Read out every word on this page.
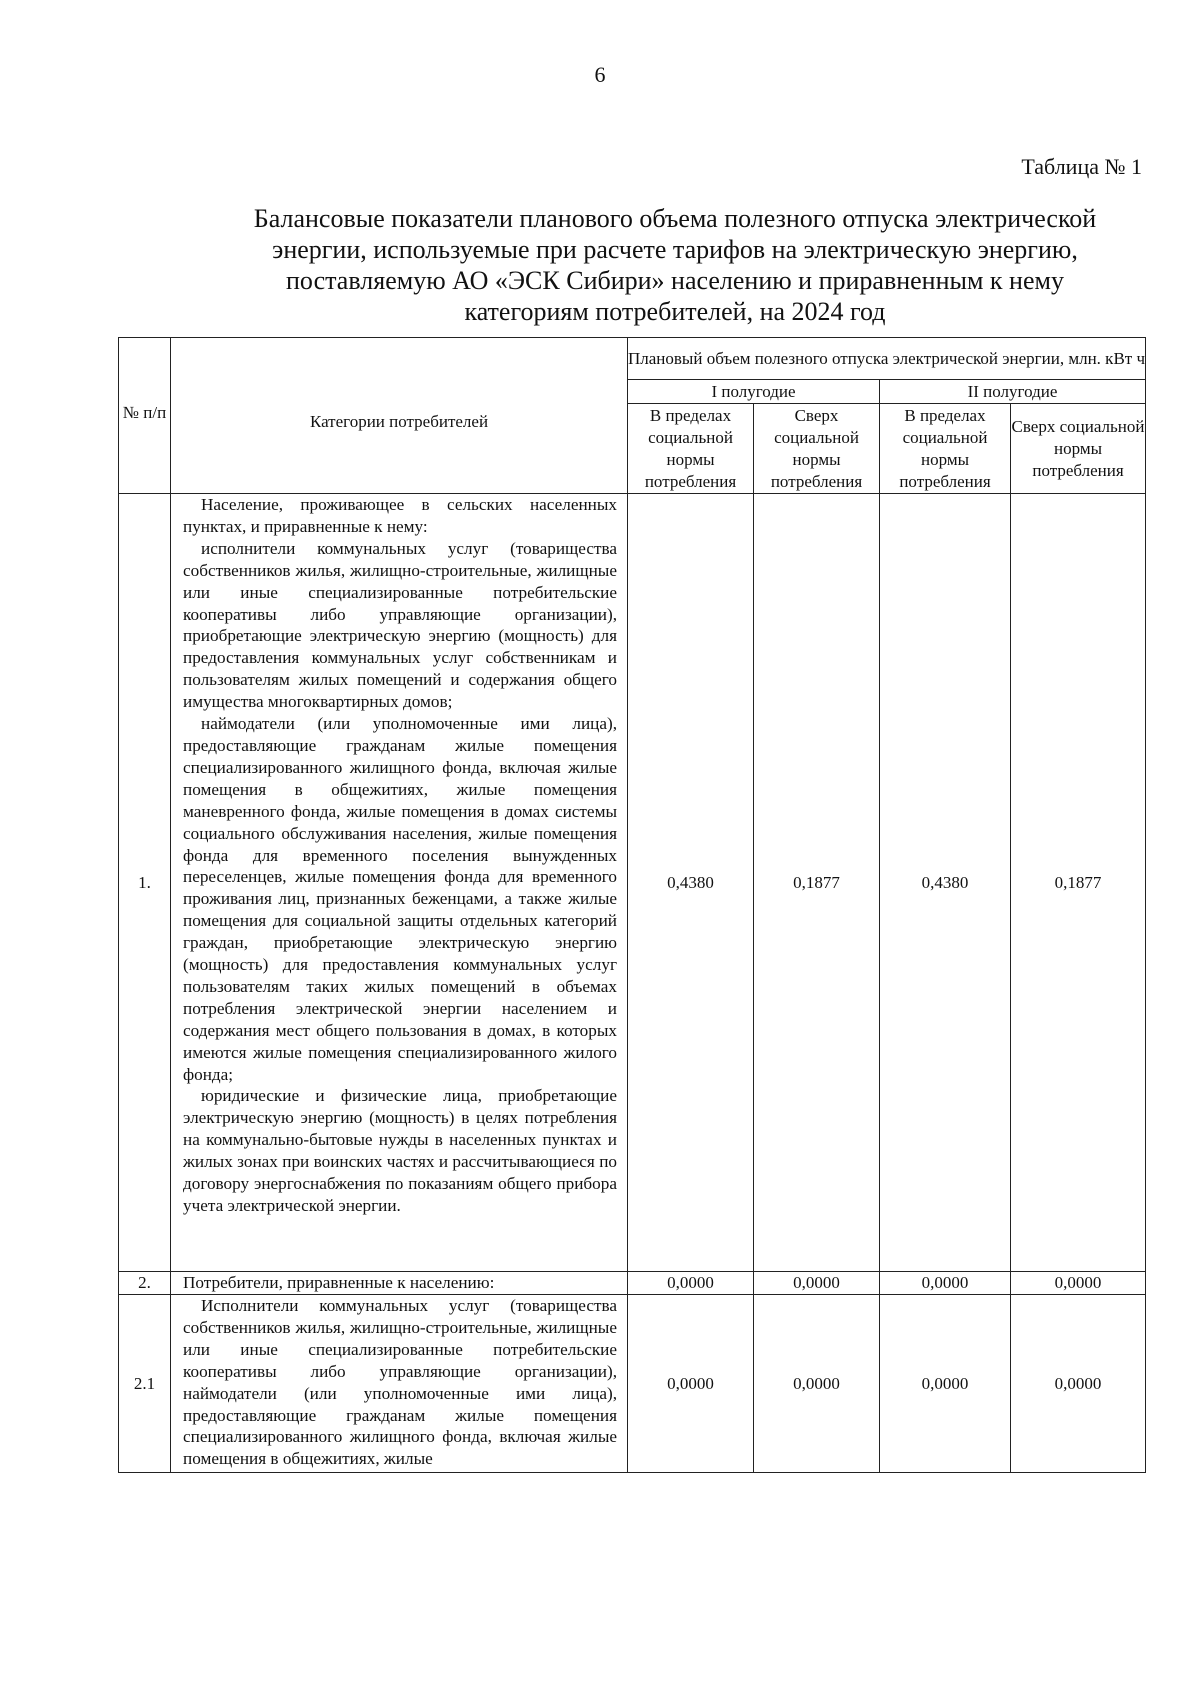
6
Таблица № 1
Балансовые показатели планового объема полезного отпуска электрической
энергии, используемые при расчете тарифов на электрическую энергию,
поставляемую АО «ЭСК Сибири» населению и приравненным к нему
категориям потребителей, на 2024 год
№ п/п	Категории потребителей	Плановый объем полезного отпуска электрической энергии, млн. кВт ч			
		I полугодие		II полугодие	
		В пределах социальной нормы потребления	Сверх социальной нормы потребления	В пределах социальной нормы потребления	Сверх социальной нормы потребления
1.	Население, проживающее в сельских населенных пунктах, и приравненные к нему:

исполнители коммунальных услуг (товарищества собственников жилья, жилищно-строительные, жилищные или иные специализированные потребительские кооперативы либо управляющие организации), приобретающие электрическую энергию (мощность) для предоставления коммунальных услуг собственникам и пользователям жилых помещений и содержания общего имущества многоквартирных домов;

наймодатели (или уполномоченные ими лица), предоставляющие гражданам жилые помещения специализированного жилищного фонда, включая жилые помещения в общежитиях, жилые помещения маневренного фонда, жилые помещения в домах системы социального обслуживания населения, жилые помещения фонда для временного поселения вынужденных переселенцев, жилые помещения фонда для временного проживания лиц, признанных беженцами, а также жилые помещения для социальной защиты отдельных категорий граждан, приобретающие электрическую энергию (мощность) для предоставления коммунальных услуг пользователям таких жилых помещений в объемах потребления электрической энергии населением и содержания мест общего пользования в домах, в которых имеются жилые помещения специализированного жилого фонда;

юридические и физические лица, приобретающие электрическую энергию (мощность) в целях потребления на коммунально-бытовые нужды в населенных пунктах и жилых зонах при воинских частях и рассчитывающиеся по договору энергоснабжения по показаниям общего прибора учета электрической энергии.	0,4380	0,1877	0,4380	0,1877
2.	Потребители, приравненные к населению:	0,0000	0,0000	0,0000	0,0000
2.1	Исполнители коммунальных услуг (товарищества собственников жилья, жилищно-строительные, жилищные или иные специализированные потребительские кооперативы либо управляющие организации), наймодатели (или уполномоченные ими лица), предоставляющие гражданам жилые помещения специализированного жилищного фонда, включая жилые помещения в общежитиях, жилые	0,0000	0,0000	0,0000	0,0000
